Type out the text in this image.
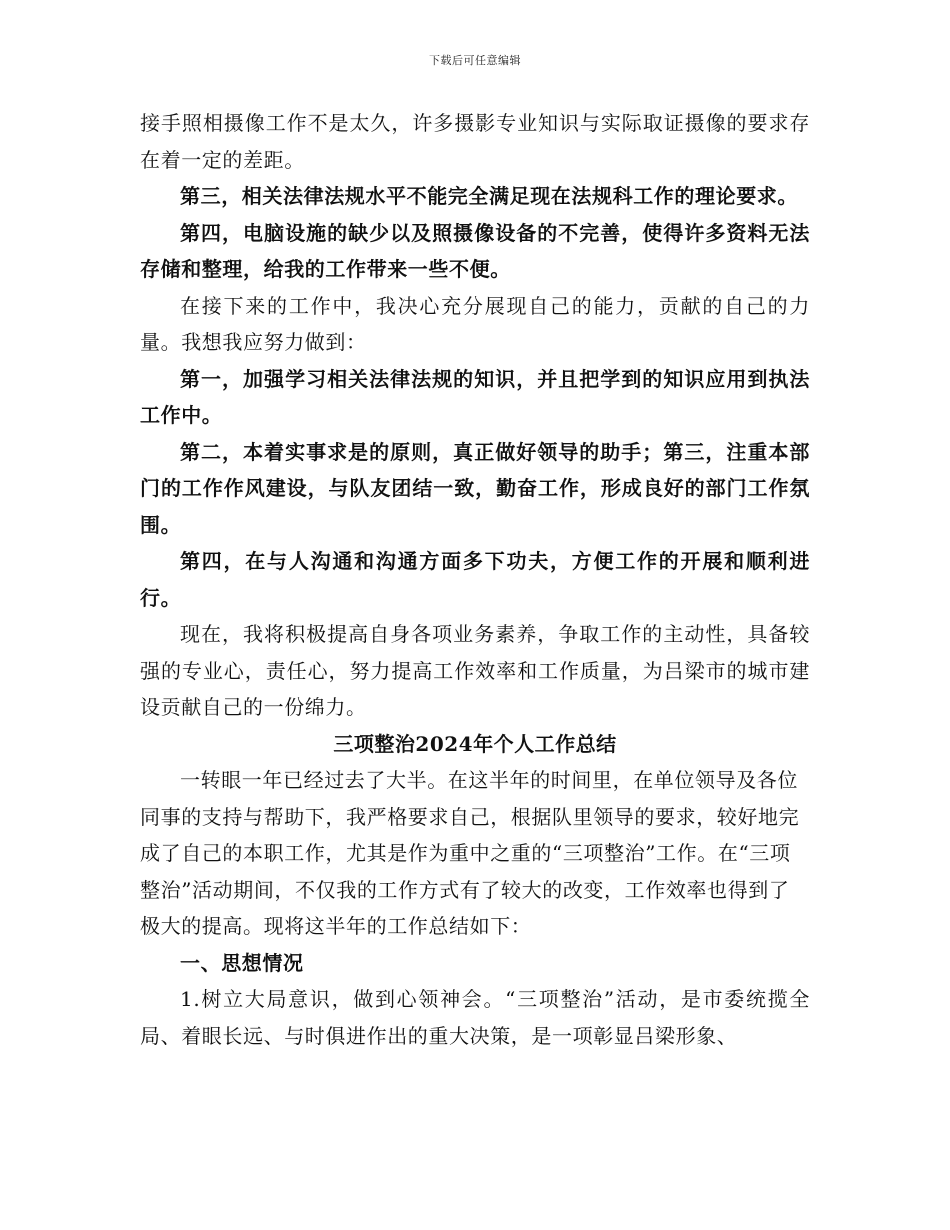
下载后可任意编辑

接手照相摄像工作不是太久，许多摄影专业知识与实际取证摄像的要求存在着一定的差距。

第三，相关法律法规水平不能完全满足现在法规科工作的理论要求。

第四，电脑设施的缺少以及照摄像设备的不完善，使得许多资料无法存储和整理，给我的工作带来一些不便。

在接下来的工作中，我决心充分展现自己的能力，贡献的自己的力量。我想我应努力做到：

第一，加强学习相关法律法规的知识，并且把学到的知识应用到执法工作中。

第二，本着实事求是的原则，真正做好领导的助手；第三，注重本部门的工作作风建设，与队友团结一致，勤奋工作，形成良好的部门工作氛围。

第四，在与人沟通和沟通方面多下功夫，方便工作的开展和顺利进行。

现在，我将积极提高自身各项业务素养，争取工作的主动性，具备较强的专业心，责任心，努力提高工作效率和工作质量，为吕梁市的城市建设贡献自己的一份绵力。

三项整治2024年个人工作总结

一转眼一年已经过去了大半。在这半年的时间里，在单位领导及各位同事的支持与帮助下，我严格要求自己，根据队里领导的要求，较好地完成了自己的本职工作，尤其是作为重中之重的“三项整治”工作。在“三项整治”活动期间，不仅我的工作方式有了较大的改变，工作效率也得到了极大的提高。现将这半年的工作总结如下：

一、思想情况

1.树立大局意识，做到心领神会。“三项整治”活动，是市委统揽全局、着眼长远、与时俱进作出的重大决策，是一项彰显吕梁形象、
